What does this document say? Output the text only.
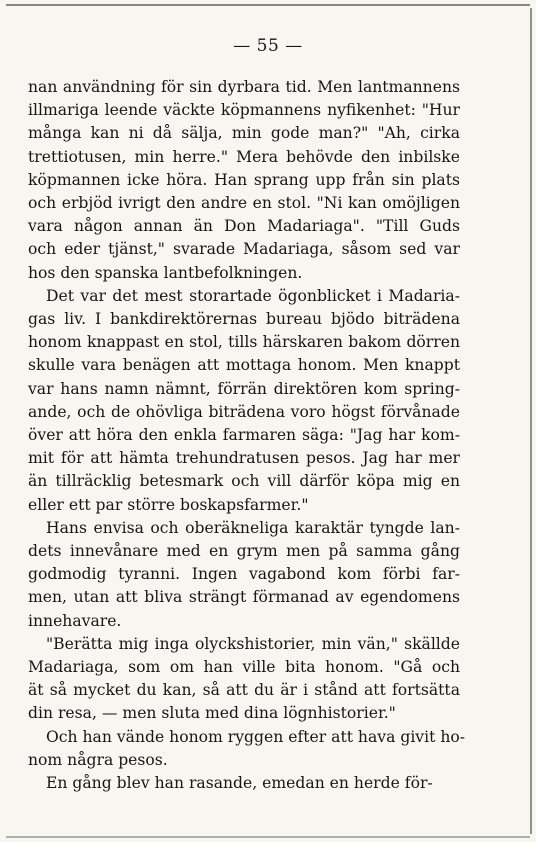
— 55 —
nan användning för sin dyrbara tid. Men lantmannens
illmariga leende väckte köpmannens nyfikenhet: "Hur
många kan ni då sälja, min gode man?" "Ah, cirka
trettiotusen, min herre." Mera behövde den inbilske
köpmannen icke höra. Han sprang upp från sin plats
och erbjöd ivrigt den andre en stol. "Ni kan omöjligen
vara någon annan än Don Madariaga". "Till Guds
och eder tjänst," svarade Madariaga, såsom sed var
hos den spanska lantbefolkningen.
Det var det mest storartade ögonblicket i Madaria-
gas liv. I bankdirektörernas bureau bjödo biträdena
honom knappast en stol, tills härskaren bakom dörren
skulle vara benägen att mottaga honom. Men knappt
var hans namn nämnt, förrän direktören kom spring-
ande, och de ohövliga biträdena voro högst förvånade
över att höra den enkla farmaren säga: "Jag har kom-
mit för att hämta trehundratusen pesos. Jag har mer
än tillräcklig betesmark och vill därför köpa mig en
eller ett par större boskapsfarmer."
Hans envisa och oberäkneliga karaktär tyngde lan-
dets innevånare med en grym men på samma gång
godmodig tyranni. Ingen vagabond kom förbi far-
men, utan att bliva strängt förmanad av egendomens
innehavare.
"Berätta mig inga olyckshistorier, min vän," skällde
Madariaga, som om han ville bita honom. "Gå och
ät så mycket du kan, så att du är i stånd att fortsätta
din resa, — men sluta med dina lögnhistorier."
Och han vände honom ryggen efter att hava givit ho-
nom några pesos.
En gång blev han rasande, emedan en herde för-
